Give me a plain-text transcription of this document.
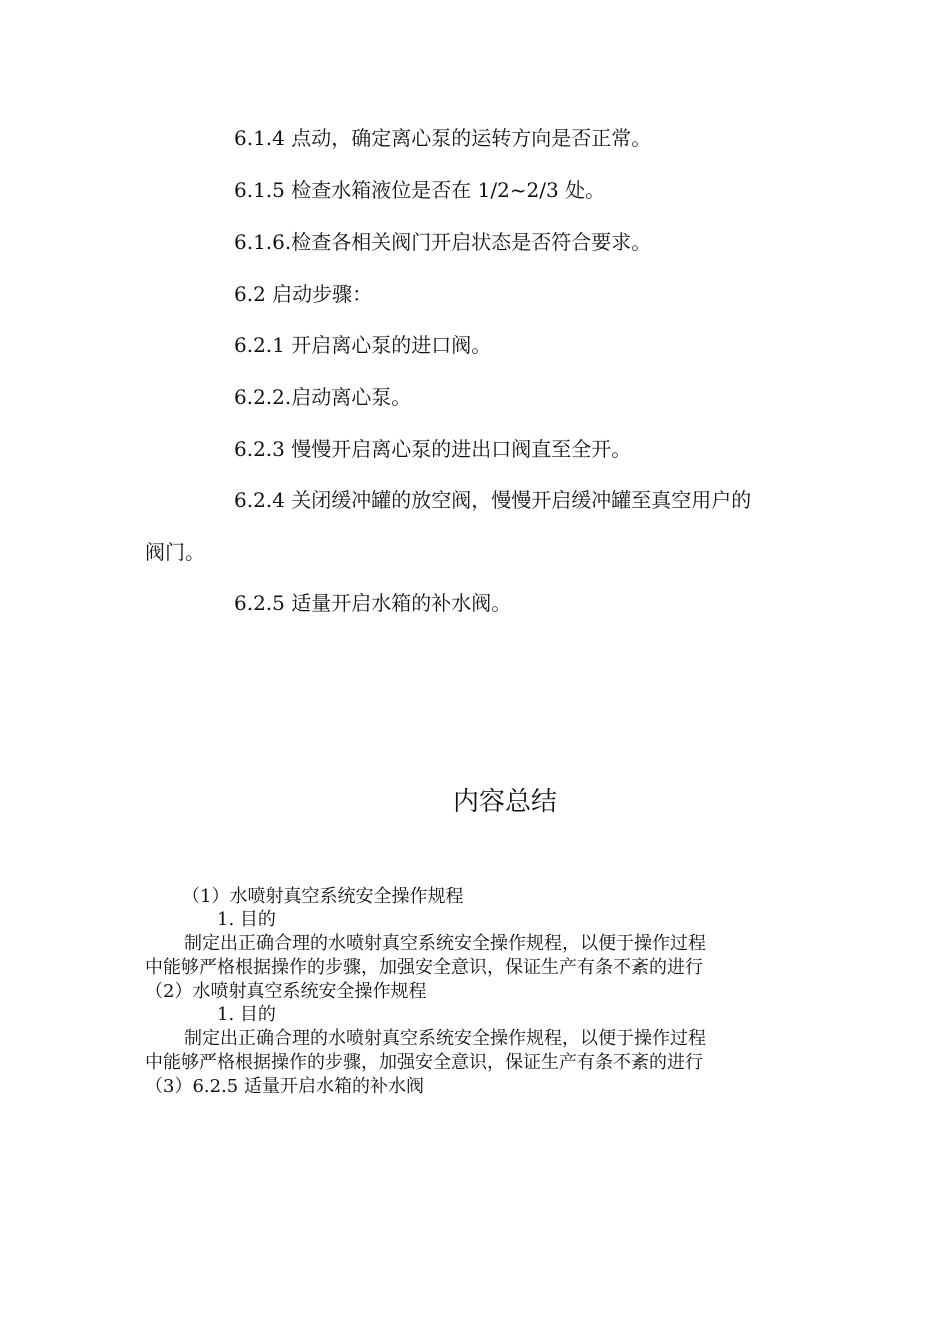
6.1.4 点动，确定离心泵的运转方向是否正常。
6.1.5 检查水箱液位是否在 1/2~2/3 处。
6.1.6.检查各相关阀门开启状态是否符合要求。
6.2 启动步骤：
6.2.1 开启离心泵的进口阀。
6.2.2.启动离心泵。
6.2.3 慢慢开启离心泵的进出口阀直至全开。
6.2.4 关闭缓冲罐的放空阀，慢慢开启缓冲罐至真空用户的
阀门。
6.2.5 适量开启水箱的补水阀。
内容总结
（1）水喷射真空系统安全操作规程
1. 目的
制定出正确合理的水喷射真空系统安全操作规程，以便于操作过程
中能够严格根据操作的步骤，加强安全意识，保证生产有条不紊的进行
（2）水喷射真空系统安全操作规程
1. 目的
制定出正确合理的水喷射真空系统安全操作规程，以便于操作过程
中能够严格根据操作的步骤，加强安全意识，保证生产有条不紊的进行
（3）6.2.5 适量开启水箱的补水阀
